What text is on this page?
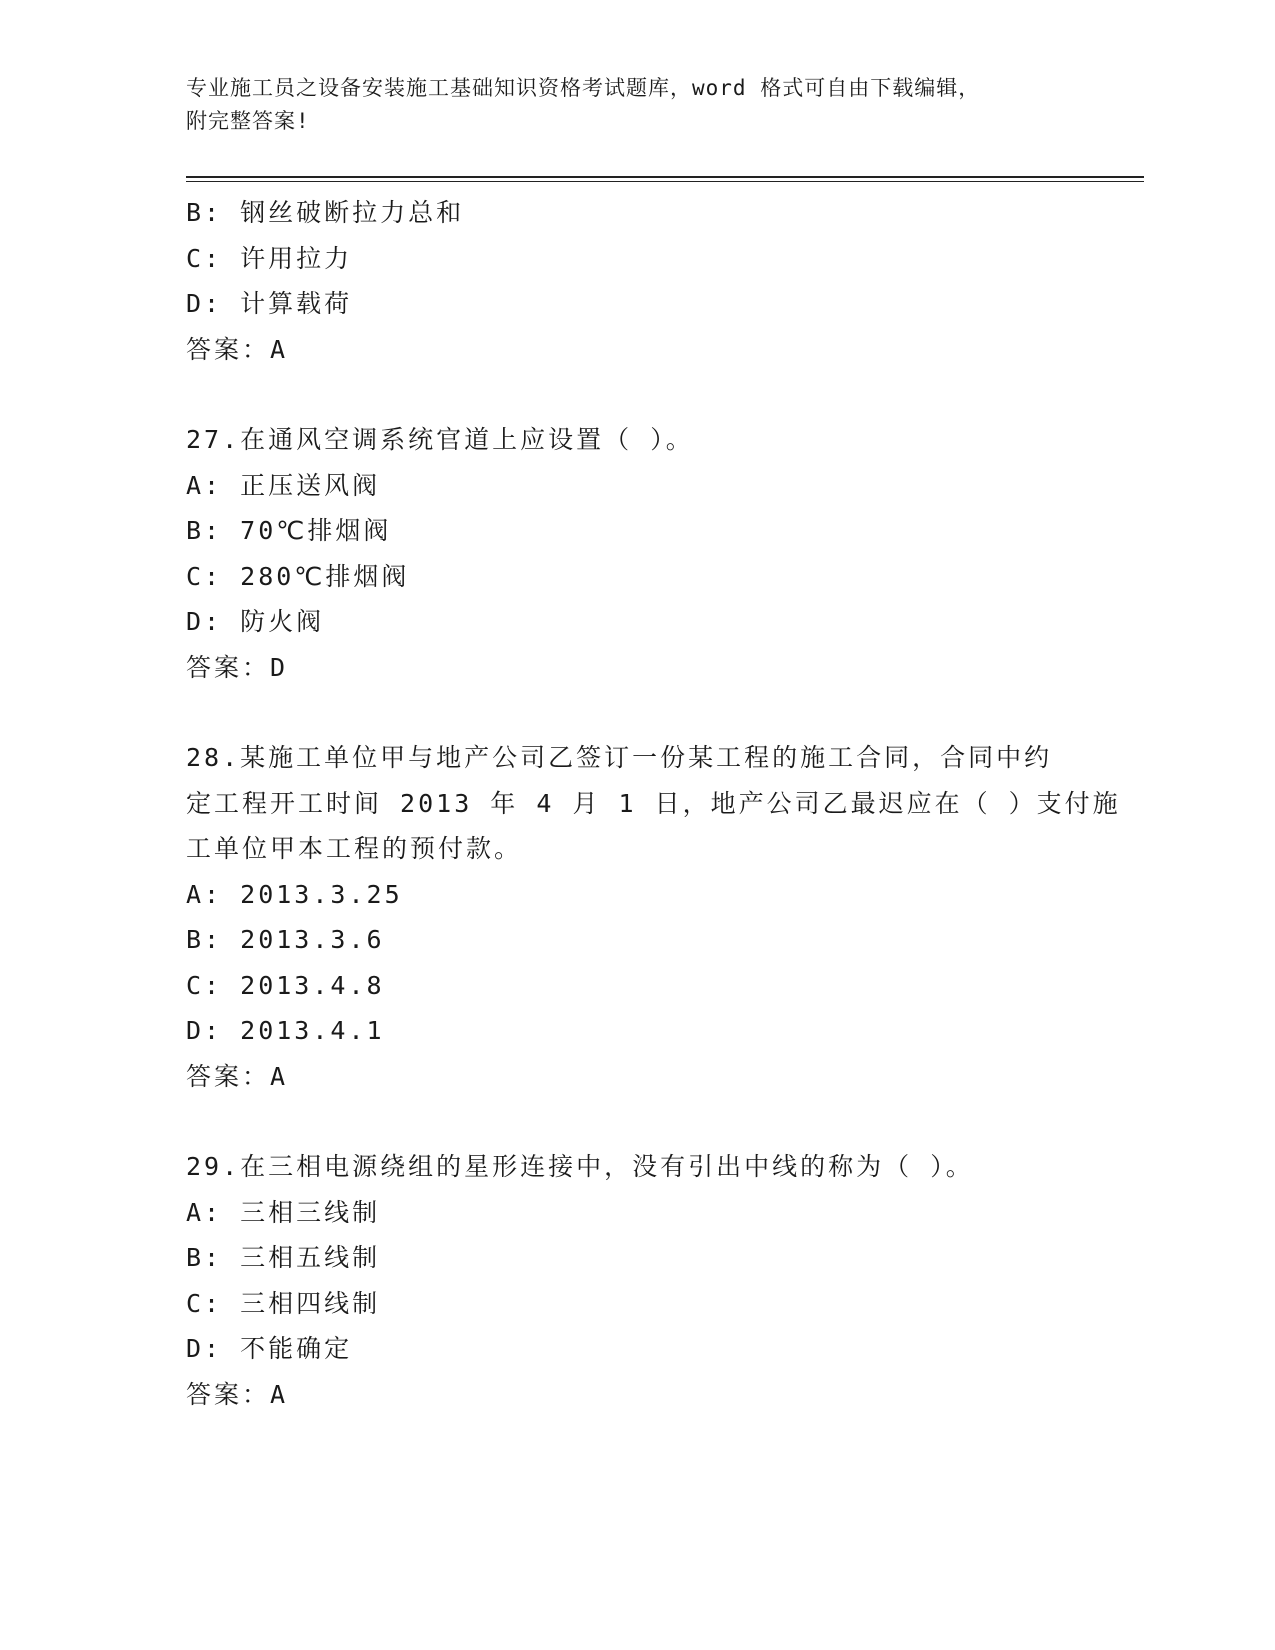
专业施工员之设备安装施工基础知识资格考试题库，word 格式可自由下载编辑，
附完整答案!
B: 钢丝破断拉力总和
C: 许用拉力
D: 计算载荷
答案：A
27.在通风空调系统官道上应设置（ ）。
A: 正压送风阀
B: 70℃排烟阀
C: 280℃排烟阀
D: 防火阀
答案：D
28.某施工单位甲与地产公司乙签订一份某工程的施工合同，合同中约
定工程开工时间 2013 年 4 月 1 日，地产公司乙最迟应在（ ）支付施
工单位甲本工程的预付款。
A: 2013.3.25
B: 2013.3.6
C: 2013.4.8
D: 2013.4.1
答案：A
29.在三相电源绕组的星形连接中，没有引出中线的称为（ ）。
A: 三相三线制
B: 三相五线制
C: 三相四线制
D: 不能确定
答案：A
